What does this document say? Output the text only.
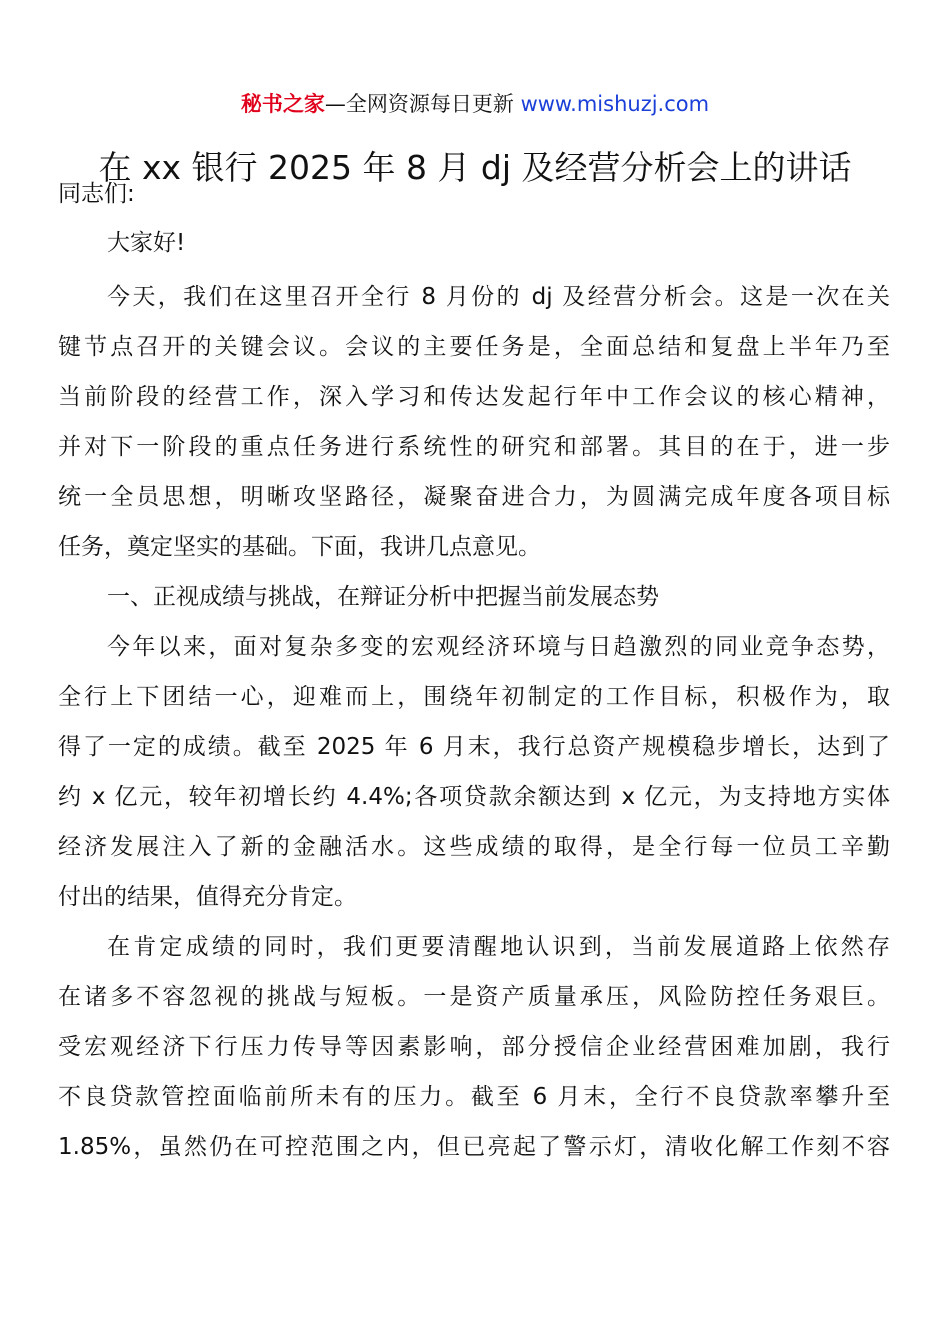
秘书之家—全网资源每日更新 www.mishuzj.com
在 xx 银行 2025 年 8 月 dj 及经营分析会上的讲话
同志们:
大家好!
今天，我们在这里召开全行 8 月份的 dj 及经营分析会。这是一次在关
键节点召开的关键会议。会议的主要任务是，全面总结和复盘上半年乃至
当前阶段的经营工作，深入学习和传达发起行年中工作会议的核心精神，
并对下一阶段的重点任务进行系统性的研究和部署。其目的在于，进一步
统一全员思想，明晰攻坚路径，凝聚奋进合力，为圆满完成年度各项目标
任务，奠定坚实的基础。下面，我讲几点意见。
一、正视成绩与挑战，在辩证分析中把握当前发展态势
今年以来，面对复杂多变的宏观经济环境与日趋激烈的同业竞争态势，
全行上下团结一心，迎难而上，围绕年初制定的工作目标，积极作为，取
得了一定的成绩。截至 2025 年 6 月末，我行总资产规模稳步增长，达到了
约 x 亿元，较年初增长约 4.4%;各项贷款余额达到 x 亿元，为支持地方实体
经济发展注入了新的金融活水。这些成绩的取得，是全行每一位员工辛勤
付出的结果，值得充分肯定。
在肯定成绩的同时，我们更要清醒地认识到，当前发展道路上依然存
在诸多不容忽视的挑战与短板。一是资产质量承压，风险防控任务艰巨。
受宏观经济下行压力传导等因素影响，部分授信企业经营困难加剧，我行
不良贷款管控面临前所未有的压力。截至 6 月末，全行不良贷款率攀升至
1.85%，虽然仍在可控范围之内，但已亮起了警示灯，清收化解工作刻不容
